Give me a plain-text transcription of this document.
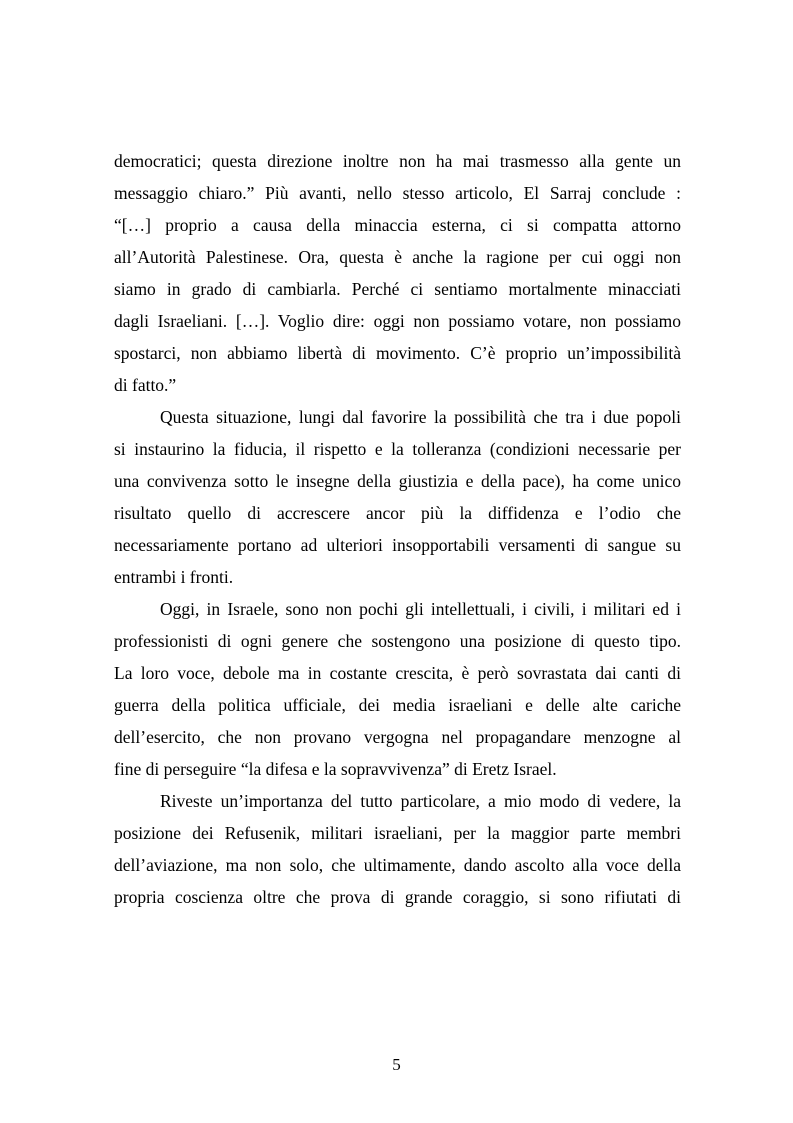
democratici; questa direzione inoltre non ha mai trasmesso alla gente un
messaggio chiaro.” Più avanti, nello stesso articolo, El Sarraj conclude :
“[…] proprio a causa della minaccia esterna, ci si compatta attorno
all’Autorità Palestinese. Ora, questa è anche la ragione per cui oggi non
siamo in grado di cambiarla. Perché ci sentiamo mortalmente minacciati
dagli Israeliani. […]. Voglio dire: oggi non possiamo votare, non possiamo
spostarci, non abbiamo libertà di movimento. C’è proprio un’impossibilità
di fatto.”
Questa situazione, lungi dal favorire la possibilità che tra i due popoli
si instaurino la fiducia, il rispetto e la tolleranza (condizioni necessarie per
una convivenza sotto le insegne della giustizia e della pace), ha come unico
risultato quello di accrescere ancor più la diffidenza e l’odio che
necessariamente portano ad ulteriori insopportabili versamenti di sangue su
entrambi i fronti.
Oggi, in Israele, sono non pochi gli intellettuali, i civili, i militari ed i
professionisti di ogni genere che sostengono una posizione di questo tipo.
La loro voce, debole ma in costante crescita, è però sovrastata dai canti di
guerra della politica ufficiale, dei media israeliani e delle alte cariche
dell’esercito, che non provano vergogna nel propagandare menzogne al
fine di perseguire “la difesa e la sopravvivenza” di Eretz Israel.
Riveste un’importanza del tutto particolare, a mio modo di vedere, la
posizione dei Refusenik, militari israeliani, per la maggior parte membri
dell’aviazione, ma non solo, che ultimamente, dando ascolto alla voce della
propria coscienza oltre che prova di grande coraggio, si sono rifiutati di
5
